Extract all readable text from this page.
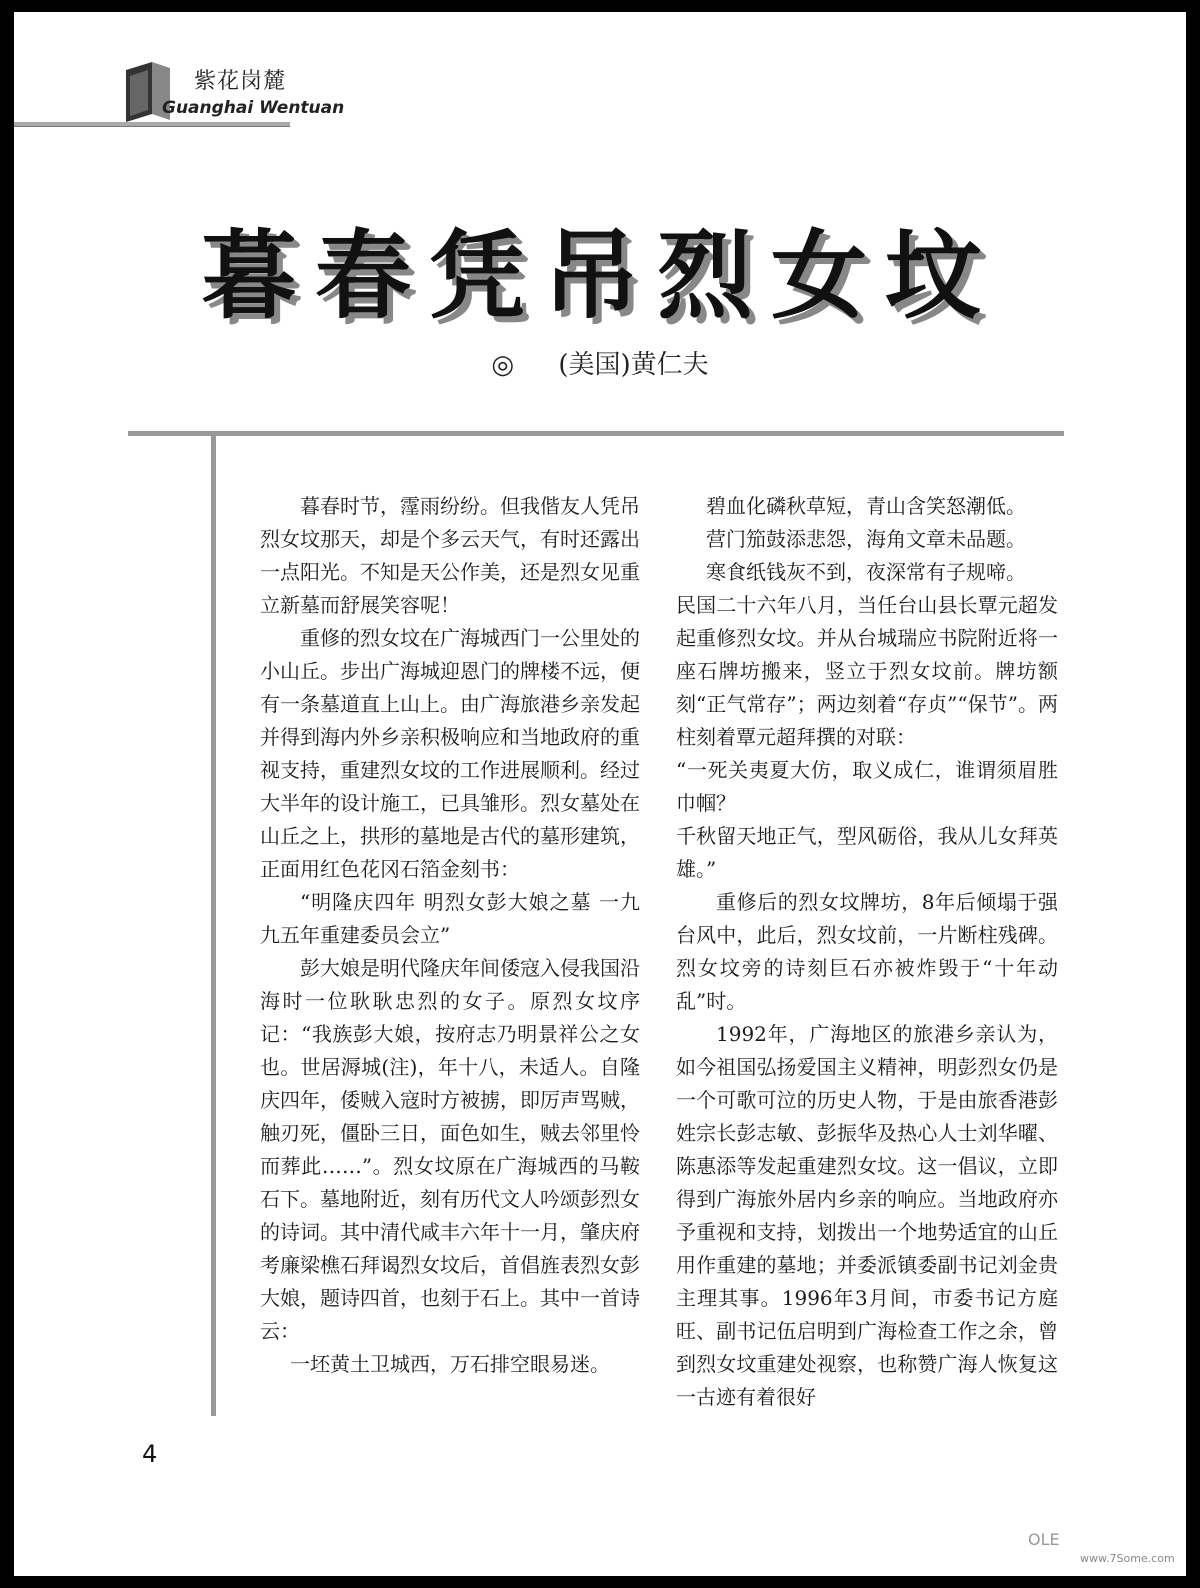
紫花岗麓
Guanghai Wentuan
暮春凭吊烈女坟
◎ (美国)黄仁夫

暮春时节，霪雨纷纷。但我偕友人凭吊烈女坟那天，却是个多云天气，有时还露出一点阳光。不知是天公作美，还是烈女见重立新墓而舒展笑容呢！

重修的烈女坟在广海城西门一公里处的小山丘。步出广海城迎恩门的牌楼不远，便有一条墓道直上山上。由广海旅港乡亲发起并得到海内外乡亲积极响应和当地政府的重视支持，重建烈女坟的工作进展顺利。经过大半年的设计施工，已具雏形。烈女墓处在山丘之上，拱形的墓地是古代的墓形建筑，正面用红色花冈石箔金刻书：

“明隆庆四年 明烈女彭大娘之墓 一九九五年重建委员会立”

彭大娘是明代隆庆年间倭寇入侵我国沿海时一位耿耿忠烈的女子。原烈女坟序记：“我族彭大娘，按府志乃明景祥公之女也。世居溽城(注)，年十八，未适人。自隆庆四年，倭贼入寇时方被掳，即厉声骂贼，触刃死，僵卧三日，面色如生，贼去邻里怜而葬此……”。烈女坟原在广海城西的马鞍石下。墓地附近，刻有历代文人吟颂彭烈女的诗词。其中清代咸丰六年十一月，肇庆府考廉梁樵石拜谒烈女坟后，首倡旌表烈女彭大娘，题诗四首，也刻于石上。其中一首诗云：

一坯黄土卫城西，万石排空眼易迷。

碧血化磷秋草短，青山含笑怒潮低。

营门笳鼓添悲怨，海角文章未品题。

寒食纸钱灰不到，夜深常有子规啼。

民国二十六年八月，当任台山县长覃元超发起重修烈女坟。并从台城瑞应书院附近将一座石牌坊搬来，竖立于烈女坟前。牌坊额刻“正气常存”；两边刻着“存贞”“保节”。两柱刻着覃元超拜撰的对联：

“一死关夷夏大仿，取义成仁，谁谓须眉胜巾帼？

千秋留天地正气，型风砺俗，我从儿女拜英雄。”

重修后的烈女坟牌坊，8年后倾塌于强台风中，此后，烈女坟前，一片断柱残碑。烈女坟旁的诗刻巨石亦被炸毁于“十年动乱”时。

1992年，广海地区的旅港乡亲认为，如今祖国弘扬爱国主义精神，明彭烈女仍是一个可歌可泣的历史人物，于是由旅香港彭姓宗长彭志敏、彭振华及热心人士刘华曜、陈惠添等发起重建烈女坟。这一倡议，立即得到广海旅外居内乡亲的响应。当地政府亦予重视和支持，划拨出一个地势适宜的山丘用作重建的墓地；并委派镇委副书记刘金贵主理其事。1996年3月间，市委书记方庭旺、副书记伍启明到广海检查工作之余，曾到烈女坟重建处视察，也称赞广海人恢复这一古迹有着很好

4
OLE
www.7Some.com
